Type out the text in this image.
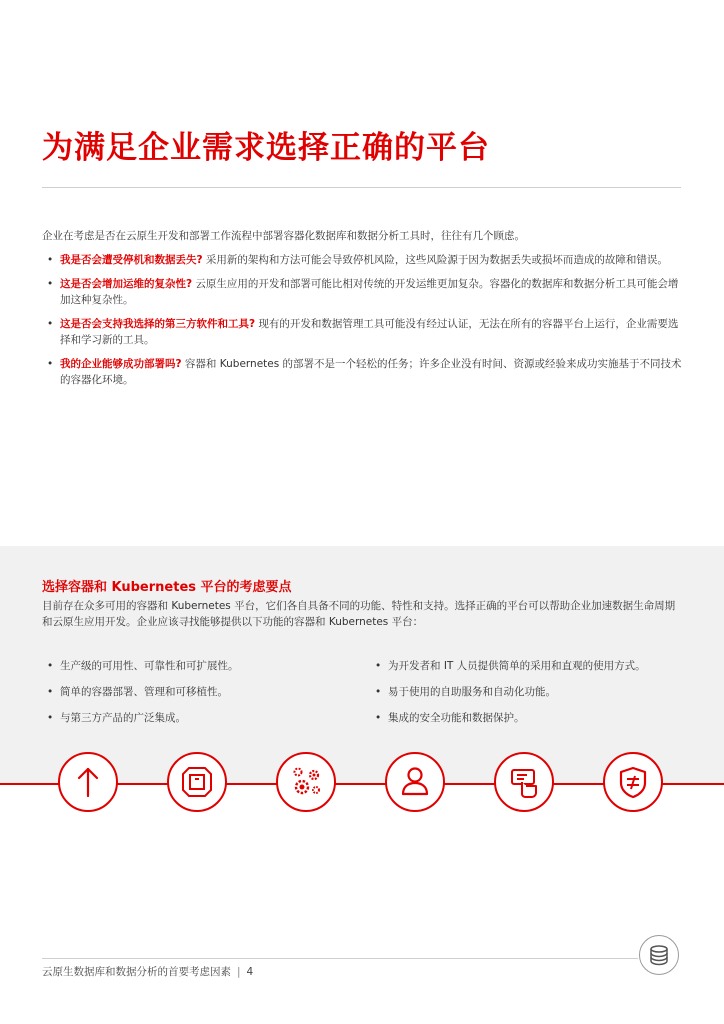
为满足企业需求选择正确的平台

企业在考虑是否在云原生开发和部署工作流程中部署容器化数据库和数据分析工具时，往往有几个顾虑。

• 我是否会遭受停机和数据丢失? 采用新的架构和方法可能会导致停机风险，这些风险源于因为数据丢失或损坏而造成的故障和错误。
• 这是否会增加运维的复杂性? 云原生应用的开发和部署可能比相对传统的开发运维更加复杂。容器化的数据库和数据分析工具可能会增加这种复杂性。
• 这是否会支持我选择的第三方软件和工具? 现有的开发和数据管理工具可能没有经过认证，无法在所有的容器平台上运行，企业需要选择和学习新的工具。
• 我的企业能够成功部署吗? 容器和 Kubernetes 的部署不是一个轻松的任务；许多企业没有时间、资源或经验来成功实施基于不同技术的容器化环境。
选择容器和 Kubernetes 平台的考虑要点

目前存在众多可用的容器和 Kubernetes 平台，它们各自具备不同的功能、特性和支持。选择正确的平台可以帮助企业加速数据生命周期和云原生应用开发。企业应该寻找能够提供以下功能的容器和 Kubernetes 平台：

• 生产级的可用性、可靠性和可扩展性。
• 简单的容器部署、管理和可移植性。
• 与第三方产品的广泛集成。
• 为开发者和 IT 人员提供简单的采用和直观的使用方式。
• 易于使用的自助服务和自动化功能。
• 集成的安全功能和数据保护。
云原生数据库和数据分析的首要考虑因素 | 4
